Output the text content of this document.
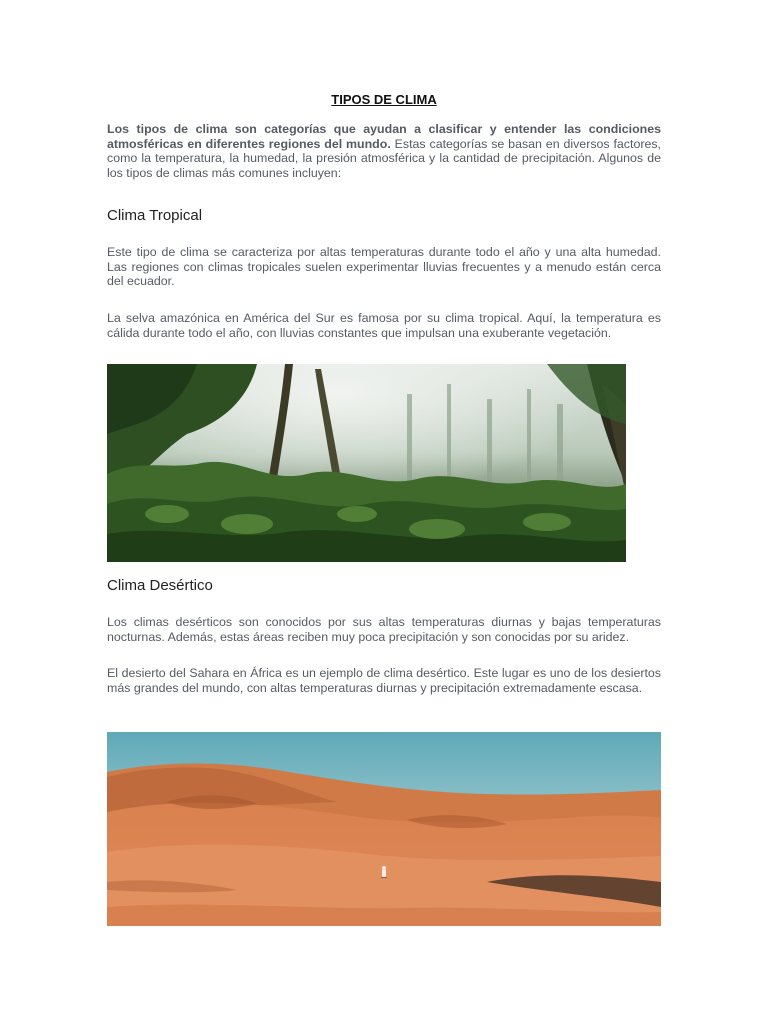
TIPOS DE CLIMA
Los tipos de clima son categorías que ayudan a clasificar y entender las condiciones atmosféricas en diferentes regiones del mundo. Estas categorías se basan en diversos factores, como la temperatura, la humedad, la presión atmosférica y la cantidad de precipitación. Algunos de los tipos de climas más comunes incluyen:
Clima Tropical

Este tipo de clima se caracteriza por altas temperaturas durante todo el año y una alta humedad. Las regiones con climas tropicales suelen experimentar lluvias frecuentes y a menudo están cerca del ecuador.

La selva amazónica en América del Sur es famosa por su clima tropical. Aquí, la temperatura es cálida durante todo el año, con lluvias constantes que impulsan una exuberante vegetación.

Clima Desértico

Los climas desérticos son conocidos por sus altas temperaturas diurnas y bajas temperaturas nocturnas. Además, estas áreas reciben muy poca precipitación y son conocidas por su aridez.

El desierto del Sahara en África es un ejemplo de clima desértico. Este lugar es uno de los desiertos más grandes del mundo, con altas temperaturas diurnas y precipitación extremadamente escasa.
